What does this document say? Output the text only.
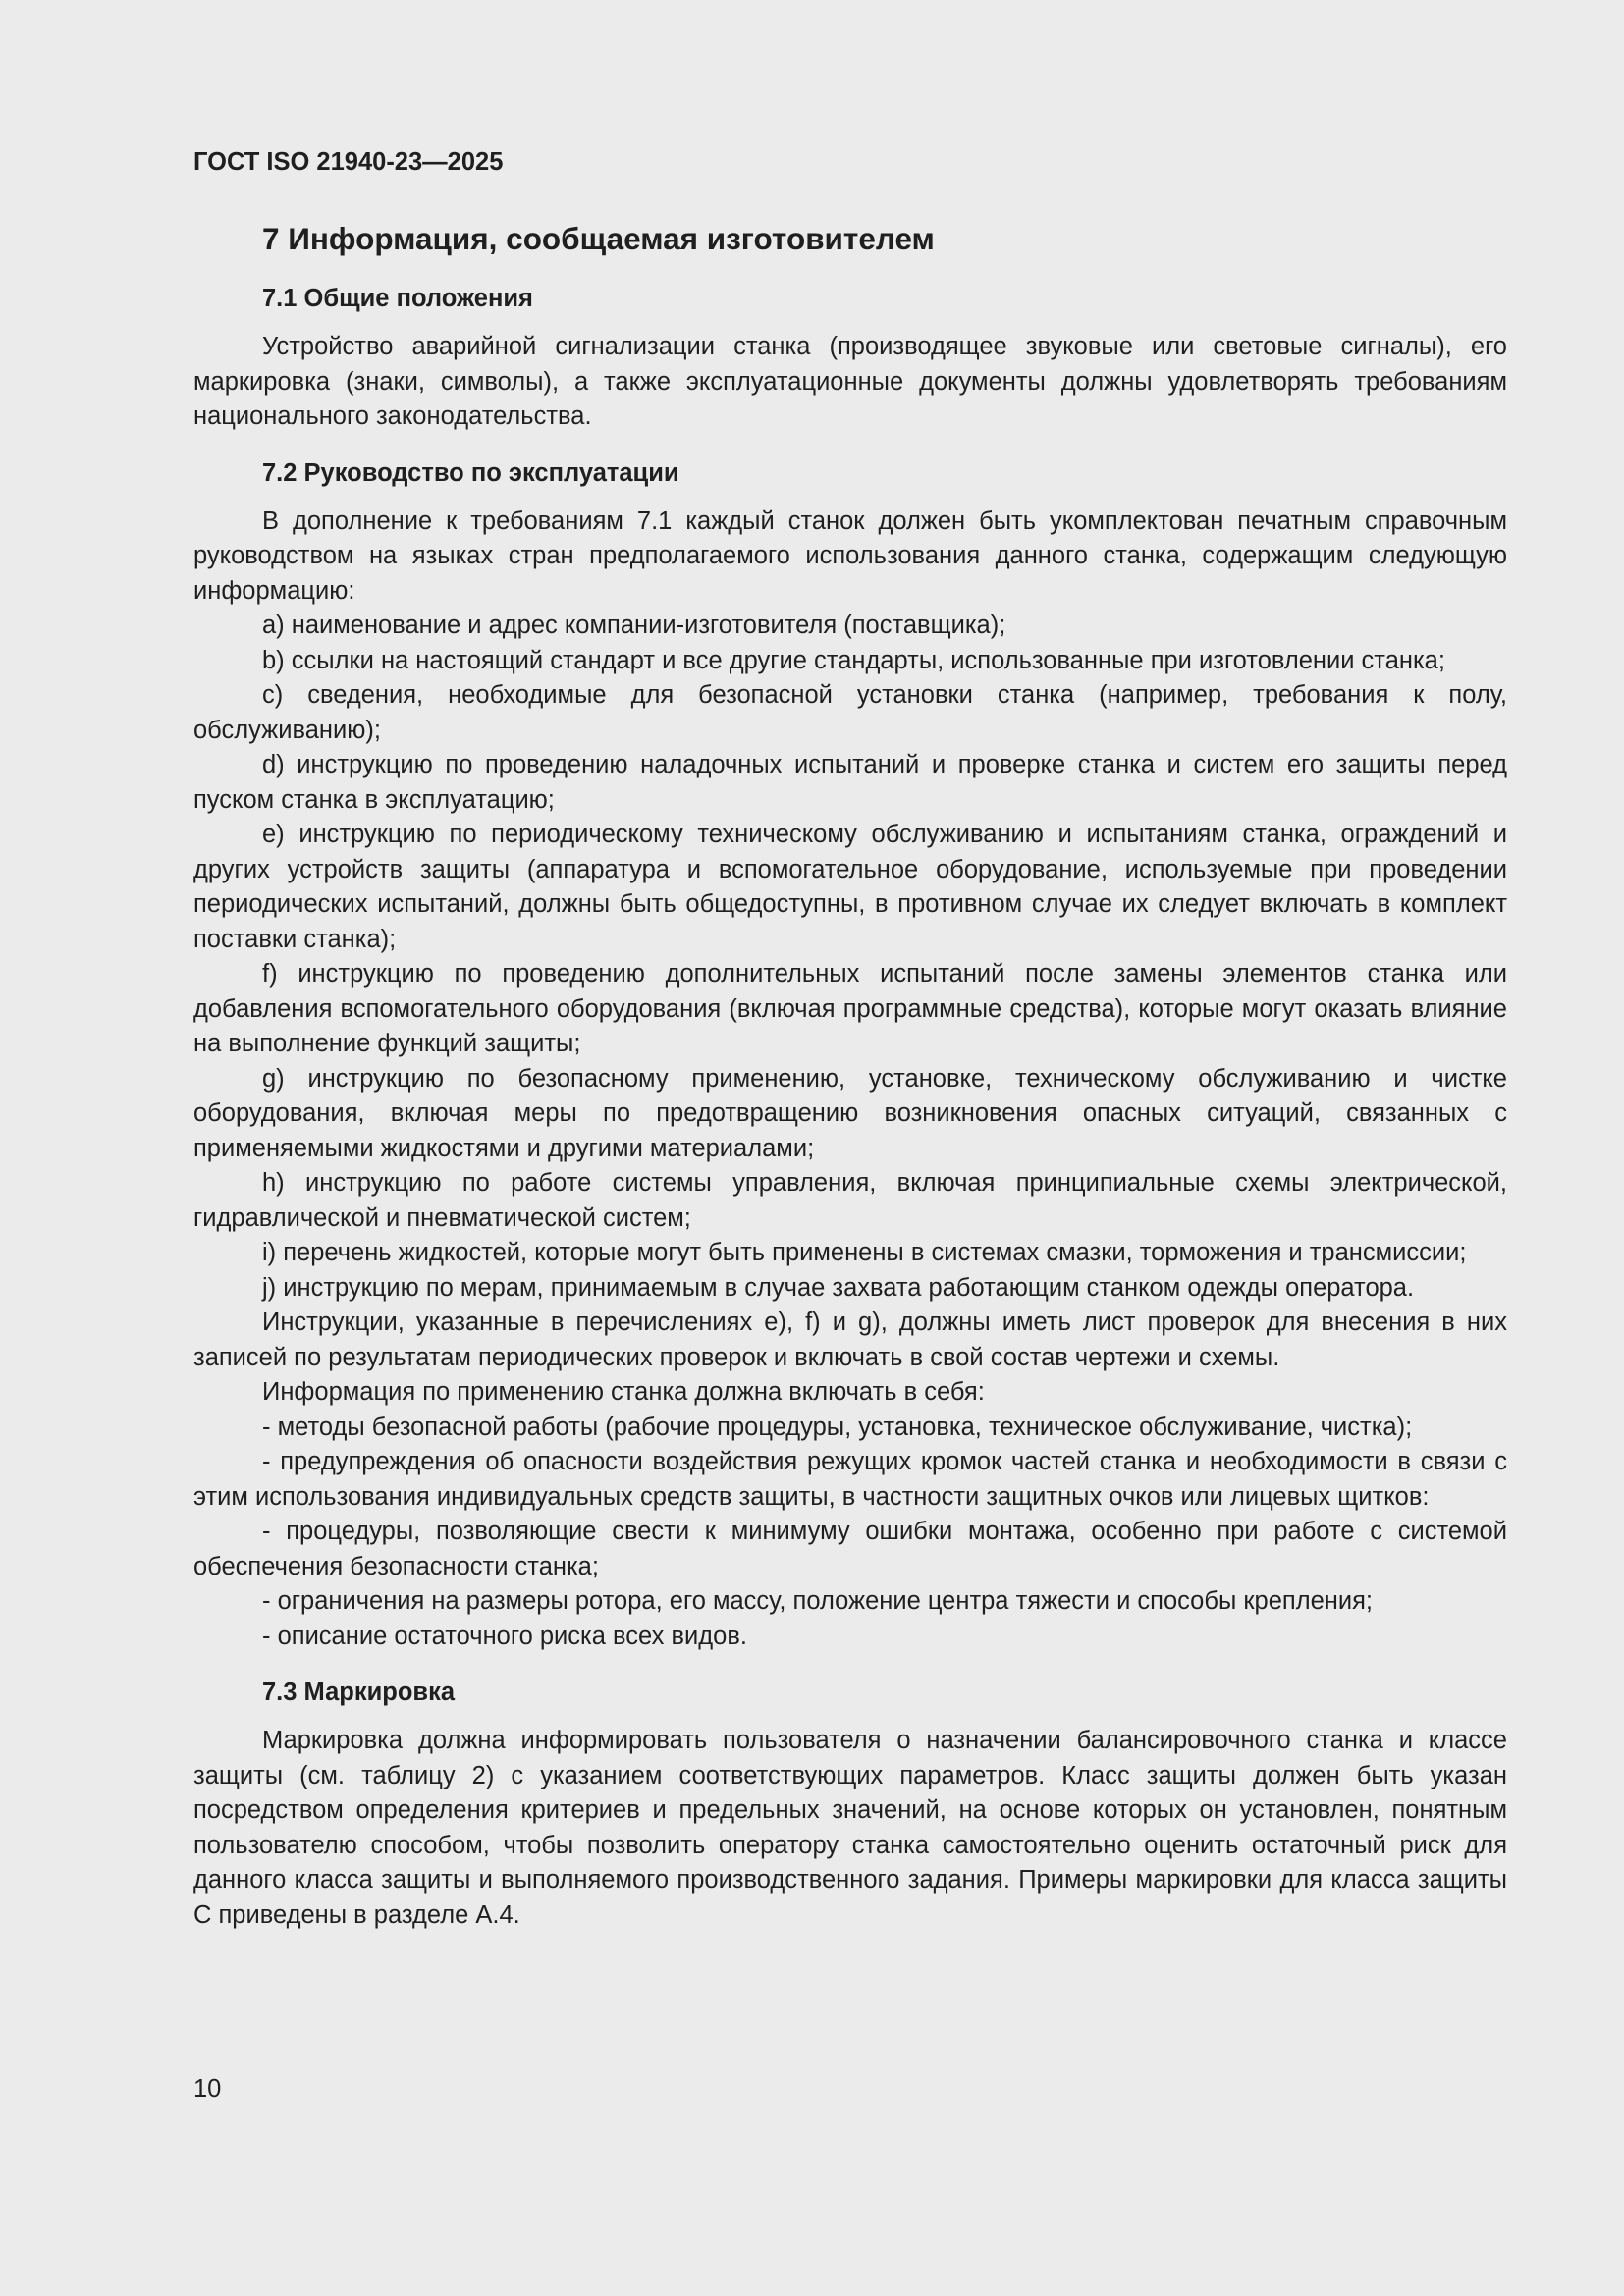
ГОСТ ISO 21940-23—2025
7 Информация, сообщаемая изготовителем
7.1 Общие положения

Устройство аварийной сигнализации станка (производящее звуковые или световые сигналы), его маркировка (знаки, символы), а также эксплуатационные документы должны удовлетворять требованиям национального законодательства.

7.2 Руководство по эксплуатации

В дополнение к требованиям 7.1 каждый станок должен быть укомплектован печатным справочным руководством на языках стран предполагаемого использования данного станка, содержащим следующую информацию:

a) наименование и адрес компании-изготовителя (поставщика);

b) ссылки на настоящий стандарт и все другие стандарты, использованные при изготовлении станка;

c) сведения, необходимые для безопасной установки станка (например, требования к полу, обслуживанию);

d) инструкцию по проведению наладочных испытаний и проверке станка и систем его защиты перед пуском станка в эксплуатацию;

e) инструкцию по периодическому техническому обслуживанию и испытаниям станка, ограждений и других устройств защиты (аппаратура и вспомогательное оборудование, используемые при проведении периодических испытаний, должны быть общедоступны, в противном случае их следует включать в комплект поставки станка);

f) инструкцию по проведению дополнительных испытаний после замены элементов станка или добавления вспомогательного оборудования (включая программные средства), которые могут оказать влияние на выполнение функций защиты;

g) инструкцию по безопасному применению, установке, техническому обслуживанию и чистке оборудования, включая меры по предотвращению возникновения опасных ситуаций, связанных с применяемыми жидкостями и другими материалами;

h) инструкцию по работе системы управления, включая принципиальные схемы электрической, гидравлической и пневматической систем;

i) перечень жидкостей, которые могут быть применены в системах смазки, торможения и трансмиссии;

j) инструкцию по мерам, принимаемым в случае захвата работающим станком одежды оператора.

Инструкции, указанные в перечислениях e), f) и g), должны иметь лист проверок для внесения в них записей по результатам периодических проверок и включать в свой состав чертежи и схемы.

Информация по применению станка должна включать в себя:

- методы безопасной работы (рабочие процедуры, установка, техническое обслуживание, чистка);

- предупреждения об опасности воздействия режущих кромок частей станка и необходимости в связи с этим использования индивидуальных средств защиты, в частности защитных очков или лицевых щитков:

- процедуры, позволяющие свести к минимуму ошибки монтажа, особенно при работе с системой обеспечения безопасности станка;

- ограничения на размеры ротора, его массу, положение центра тяжести и способы крепления;

- описание остаточного риска всех видов.

7.3 Маркировка

Маркировка должна информировать пользователя о назначении балансировочного станка и классе защиты (см. таблицу 2) с указанием соответствующих параметров. Класс защиты должен быть указан посредством определения критериев и предельных значений, на основе которых он установлен, понятным пользователю способом, чтобы позволить оператору станка самостоятельно оценить остаточный риск для данного класса защиты и выполняемого производственного задания. Примеры маркировки для класса защиты С приведены в разделе А.4.

10
